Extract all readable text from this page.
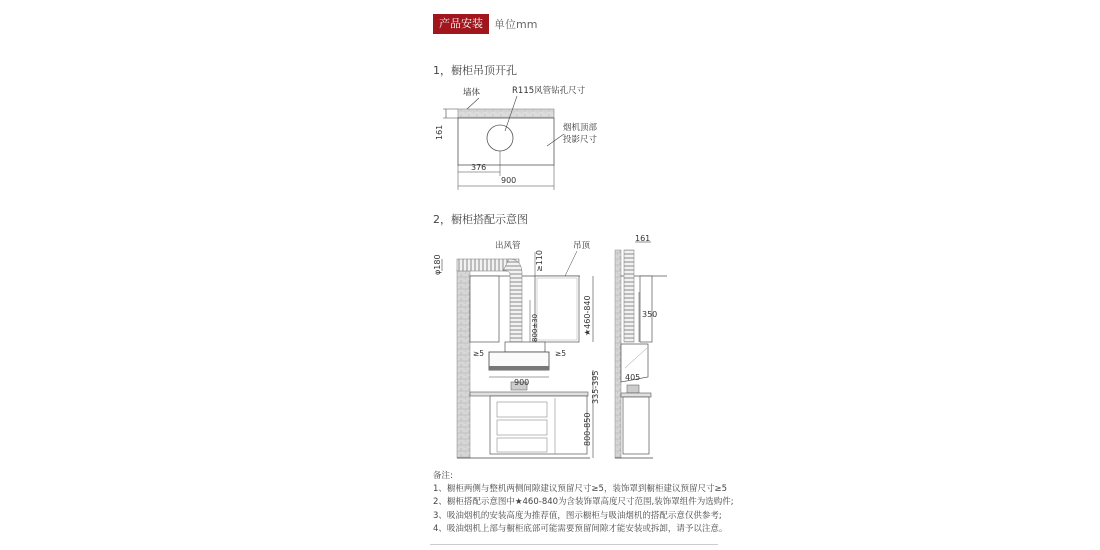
产品安装	单位mm
1，橱柜吊顶开孔
墙体	R115风管钻孔尺寸
烟机顶部
投影尺寸
161
376
900
2，橱柜搭配示意图
φ180
出风管
≥110
吊顶
800±30
≥5	≥5
900
★460-840
335-395
800-850
161
350
405
备注:
1、橱柜两侧与整机两侧间隙建议预留尺寸≥5，装饰罩到橱柜建议预留尺寸≥5
2、橱柜搭配示意图中★460-840为含装饰罩高度尺寸范围,装饰罩组件为选购件;
3、吸油烟机的安装高度为推荐值，图示橱柜与吸油烟机的搭配示意仅供参考;
4、吸油烟机上部与橱柜底部可能需要预留间隙才能安装或拆卸，请予以注意。
